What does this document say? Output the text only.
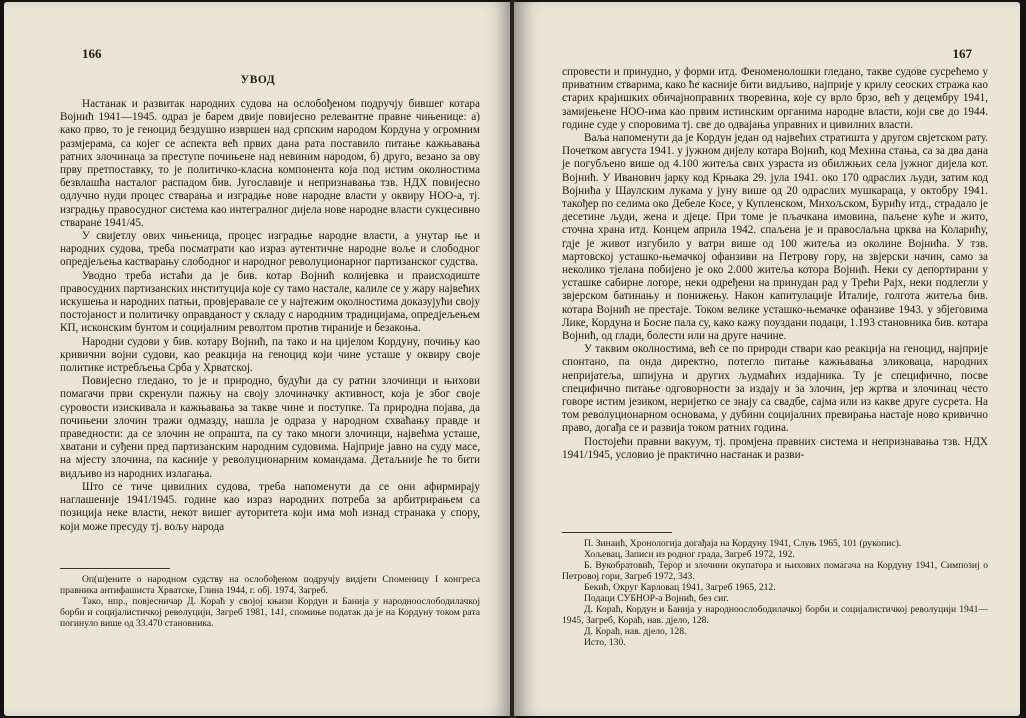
166
УВОД

Настанак и развитак народних судова на ослобођеном подручју бившег котара Војнић 1941—1945. одраз је барем двије повијесно релевантне правне чињенице: а) како прво, то је геноцид бездушно извршен над српским народом Кордуна у огромним размјерама, са којег се аспекта већ првих дана рата поставило питање кажњавања ратних злочинаца за преступе почињене над невиним народом, б) друго, везано за ову прву претпоставку, то је политичко-класна компонента која под истим околностима безвлашћа насталог распадом бив. Југославије и непризнавања тзв. НДХ повијесно одлучно нуди процес стварања и изградње нове народне власти у оквиру НОО-а, тј. изградњу правосудног система као интегралног дијела нове народне власти сукцесивно стваране 1941/45.

У свијетлу ових чињеница, процес изградње народне власти, а унутар ње и народних судова, треба посматрати као израз аутентичне народне воље и слободног опредјељења кастварању слободног и народног револуционарног партизанског судства.

Уводно треба истаћи да је бив. котар Војнић колијевка и праисходиште правосудних партизанских институција које су тамо настале, калиле се у жару највећих искушења и народних патњи, провјеравале се у најтежим околностима доказујући своју постојаност и политичку оправданост у складу с народним традицијама, опредјељењем КП, исконским бунтом и социјалним револтом против тираније и безакоња.

Народни судови у бив. котару Војнић, па тако и на цијелом Кордуну, почињу као кривични војни судови, као реакција на геноцид који чине усташе у оквиру своје политике истребљења Срба у Хрватској.

Повијесно гледано, то је и природно, будући да су ратни злочинци и њихови помагачи први скренули пажњу на своју злочиначку активност, која је због своје суровости изискивала и кажњавања за такве чине и поступке. Та природна појава, да почињени злочин тражи одмазду, нашла је одраза у народном схваћању правде и праведности: да се злочин не опрашта, па су тако многи злочинци, највећма усташе, хватани и суђени пред партизанским народним судовима. Најприје јавно на суду масе, на мјесту злочина, па касније у револуционарним командама. Детаљније ће то бити видљиво из народних излагања.

Што се тиче цивилних судова, треба напоменути да се они афирмирају наглашеније 1941/1945. године као израз народних потреба за арбитрирањем са позиција неке власти, некот вишег ауторитета који има моћ изнад странака у спору, који може пресуду тј. вољу народа

Оп(ш)ените о народном судству на ослобођеном подручју видјети Споменицу I конгреса правника антифашиста Хрватске, Глина 1944, г. обј. 1974, Загреб.

Тако, нпр., повјесничар Д. Кораћ у својој књизи Кордун и Банија у народноослободилачкој борби и социјалистичкој револуцији, Загреб 1981, 141, спомиње податак да је на Кордуну током рата погинуло више од 33.470 становника.

167

спровести и принудно, у форми итд. Феноменолошки гледано, такве судове сусрећемо у приватним стварима, како ће касније бити видљиво, најприје у крилу сеоских стража као старих крајишких обичајноправних творевина, које су врло брзо, већ у децембру 1941, замијењене НОО-има као првим истинским органима народне власти, који све до 1944. године суде у споровима тј. све до одвајања управних и цивилних власти.

Ваља напоменути да је Кордун један од највећих стратишта у другом свјетском рату. Почетком августа 1941. у јужном дијелу котара Војнић, код Мехина стања, са за два дана је погубљено више од 4.100 житеља свих узраста из обилжњих села јужног дијела кот. Војнић. У Иванович јарку код Крњака 29. јула 1941. око 170 одраслих људи, затим код Војнића у Шаулским лукама у јуну више од 20 одраслих мушкараца, у октобру 1941. такођер по селима око Дебеле Косе, у Купленском, Михољском, Бурићу итд., страдало је десетине људи, жена и дјеце. При томе је пљачкана имовина, паљене куће и жито, сточна храна итд. Концем априла 1942. спаљена је и правослаљна црква на Коларићу, гдје је живот изгубило у ватри више од 100 житеља из околине Војнића. У тзв. мартовској усташко-њемачкој офанзиви на Петрову гору, на звјерски начин, само за неколико тјелана побијено је око 2.000 житеља котора Војнић. Неки су депортирани у усташке сабирне логоре, неки одређени на принудан рад у Трећи Рајх, неки подлегли у звјерском батинању и понижењу. Након капитулације Италије, голгота житеља бив. котара Војнић не престаје. Током велике усташко-њемачке офанзиве 1943. у збјеговима Лике, Кордуна и Босне пала су, како кажу поуздани подаци, 1.193 становника бив. котара Војнић, од глади, болести или на друге начине.

У таквим околностима, већ се по природи ствари као реакција на геноцид, најприје спонтано, па онда директно, потегло питање кажњавања зликоваца, народних непријатеља, шпијуна и других људмаћих издајника. Ту је специфично, посве специфично питање одговорности за издају и за злочин, јер жртва и злочинац често говоре истим језиком, неријетко се знају са свадбе, сајма или из какве друге сусрета. На том револуционарном основама, у дубини социјалних превирања настаје ново кривично право, догађа се и развија током ратних година.

Постојећи правни вакуум, тј. промјена правних система и непризнавања тзв. НДХ 1941/1945, условио је практично настанак и разви-

П. Зинаић, Хронологија догађаја на Кордуну 1941, Слуњ 1965, 101 (рукопис).

Хољевац, Записи из родног града, Загреб 1972, 192.

Б. Вукобратовић, Терор и злочини окупатора и њихових помагача на Кордуну 1941, Симпозиј о Петровој гори, Загреб 1972, 343.

Бекић, Округ Карловац 1941, Загреб 1965, 212.

Подаци СУБНОР-а Војнић, без сиг.

Д. Кораћ, Кордун и Банија у народноослободилачкој борби и социјалистичкој револуцији 1941—1945, Загреб, Кораћ, нав. дјело, 128.

Д. Кораћ, нав. дјело, 128.

Исто, 130.
